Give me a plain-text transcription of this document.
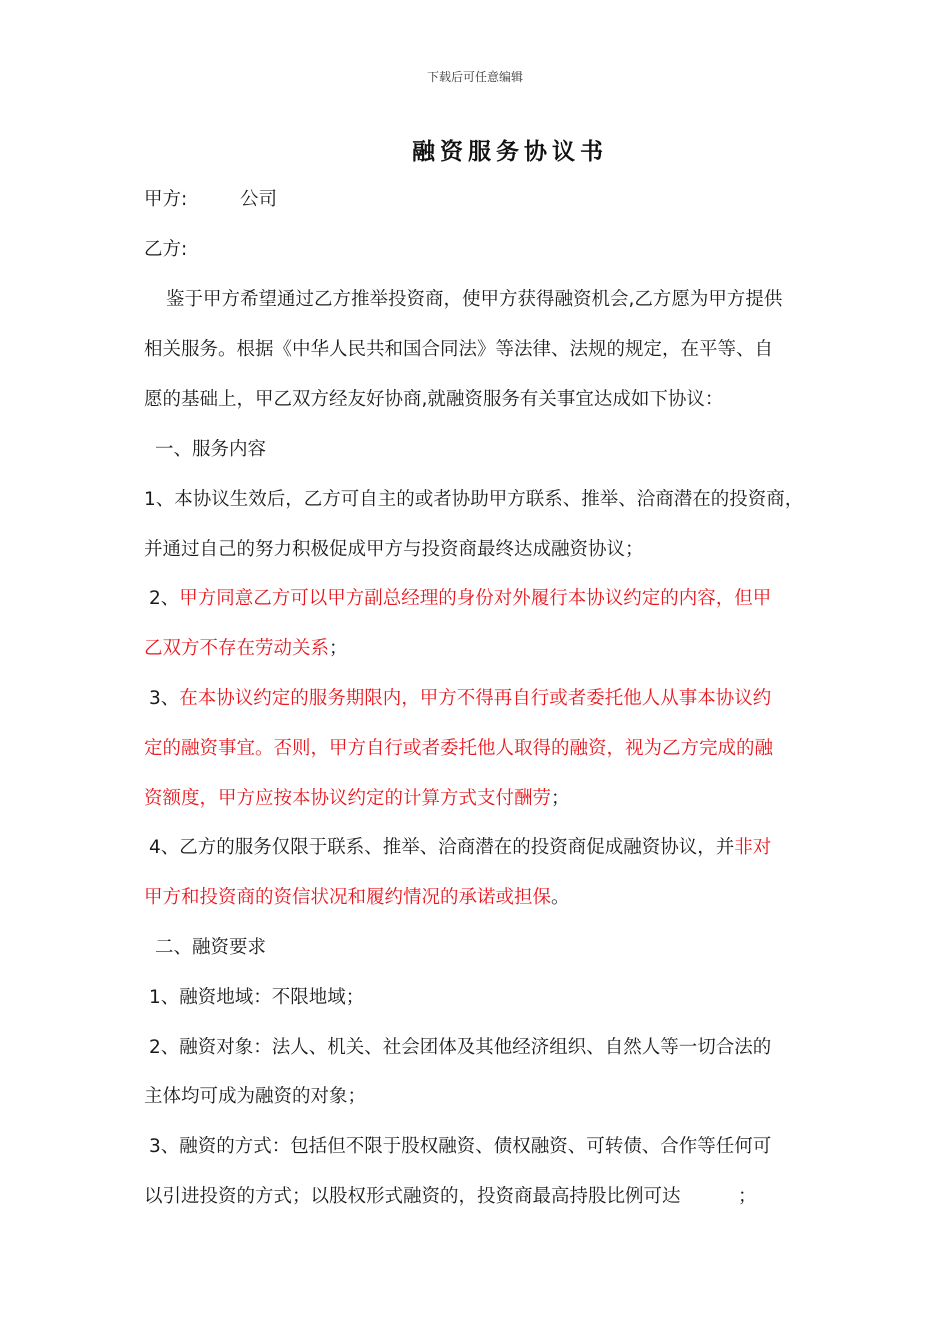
下载后可任意编辑
融资服务协议书
甲方:	公司
乙方:
鉴于甲方希望通过乙方推举投资商，使甲方获得融资机会,乙方愿为甲方提供
相关服务。根据《中华人民共和国合同法》等法律、法规的规定，在平等、自
愿的基础上，甲乙双方经友好协商,就融资服务有关事宜达成如下协议：
一、服务内容
1、本协议生效后，乙方可自主的或者协助甲方联系、推举、洽商潜在的投资商，
并通过自己的努力积极促成甲方与投资商最终达成融资协议；
2、甲方同意乙方可以甲方副总经理的身份对外履行本协议约定的内容，但甲
乙双方不存在劳动关系；
3、在本协议约定的服务期限内，甲方不得再自行或者委托他人从事本协议约
定的融资事宜。否则，甲方自行或者委托他人取得的融资，视为乙方完成的融
资额度，甲方应按本协议约定的计算方式支付酬劳；
4、乙方的服务仅限于联系、推举、洽商潜在的投资商促成融资协议，并非对
甲方和投资商的资信状况和履约情况的承诺或担保。
二、融资要求
1、融资地域：不限地域；
2、融资对象：法人、机关、社会团体及其他经济组织、自然人等一切合法的
主体均可成为融资的对象；
3、融资的方式：包括但不限于股权融资、债权融资、可转债、合作等任何可
以引进投资的方式；以股权形式融资的，投资商最高持股比例可达	；
